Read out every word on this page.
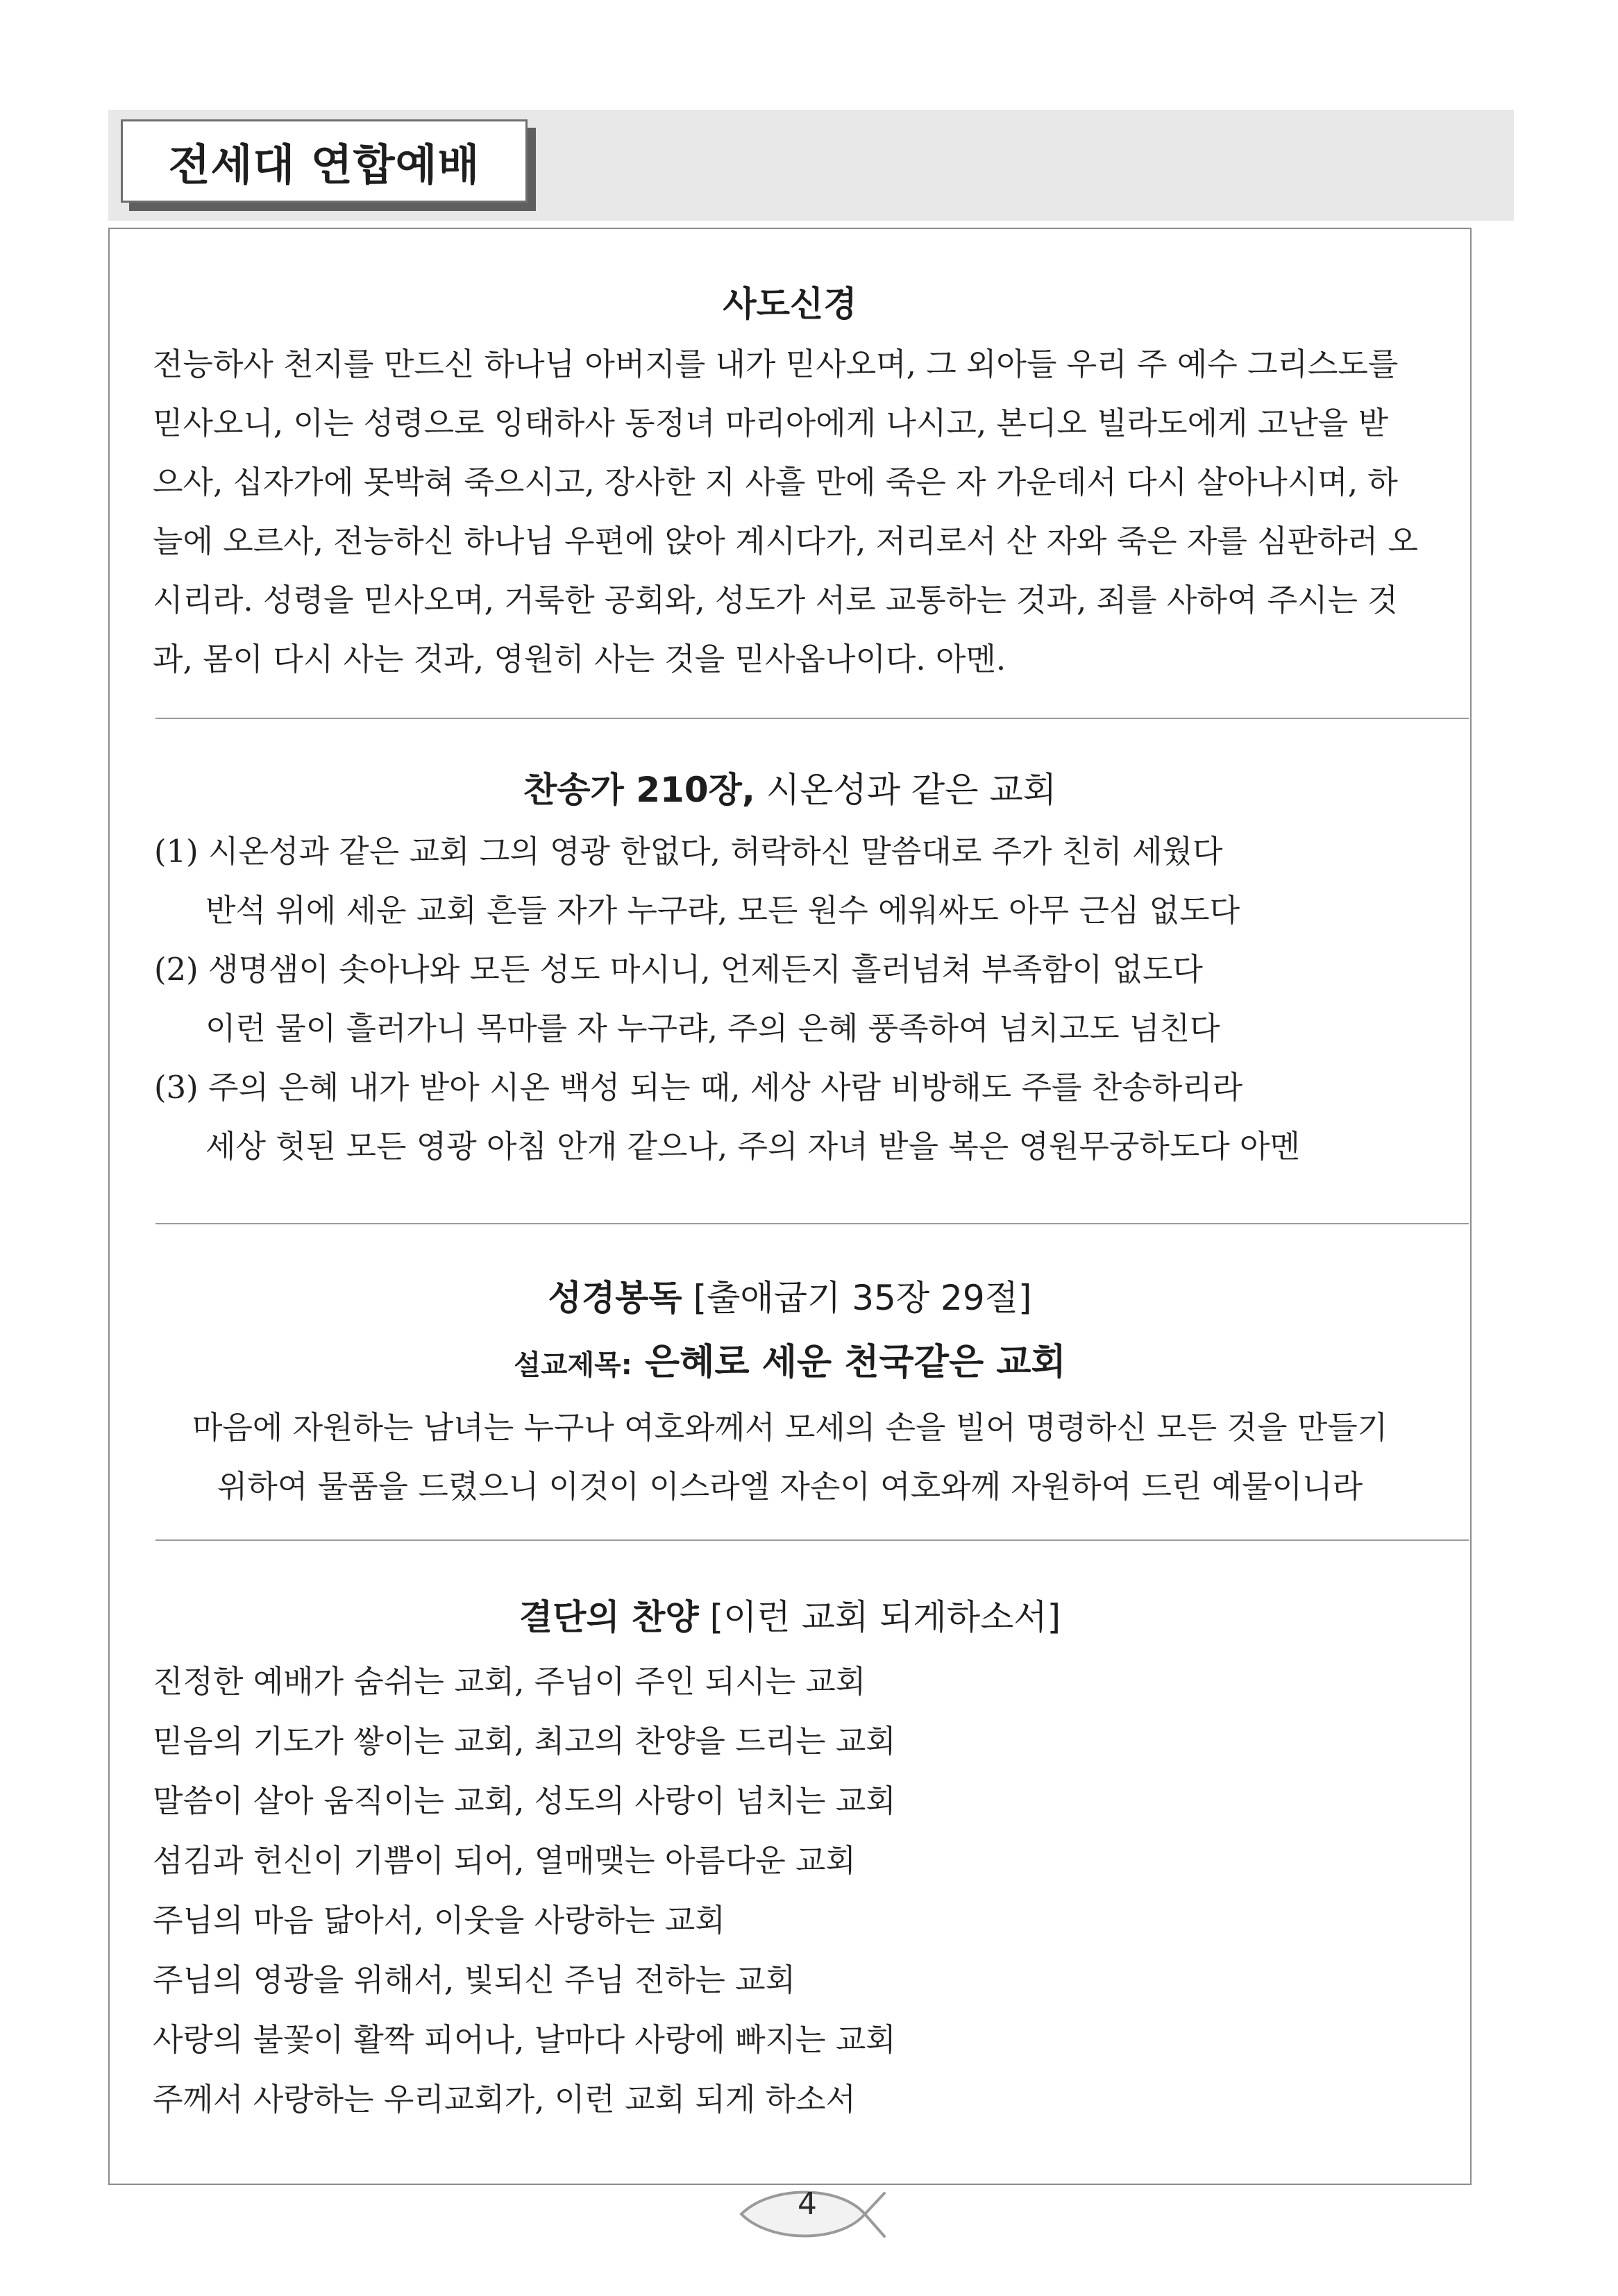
전세대 연합예배
사도신경
전능하사 천지를 만드신 하나님 아버지를 내가 믿사오며, 그 외아들 우리 주 예수 그리스도를
믿사오니, 이는 성령으로 잉태하사 동정녀 마리아에게 나시고, 본디오 빌라도에게 고난을 받
으사, 십자가에 못박혀 죽으시고, 장사한 지 사흘 만에 죽은 자 가운데서 다시 살아나시며, 하
늘에 오르사, 전능하신 하나님 우편에 앉아 계시다가, 저리로서 산 자와 죽은 자를 심판하러 오
시리라. 성령을 믿사오며, 거룩한 공회와, 성도가 서로 교통하는 것과, 죄를 사하여 주시는 것
과, 몸이 다시 사는 것과, 영원히 사는 것을 믿사옵나이다. 아멘.
찬송가 210장, 시온성과 같은 교회
(1) 시온성과 같은 교회 그의 영광 한없다, 허락하신 말씀대로 주가 친히 세웠다
반석 위에 세운 교회 흔들 자가 누구랴, 모든 원수 에워싸도 아무 근심 없도다
(2) 생명샘이 솟아나와 모든 성도 마시니, 언제든지 흘러넘쳐 부족함이 없도다
이런 물이 흘러가니 목마를 자 누구랴, 주의 은혜 풍족하여 넘치고도 넘친다
(3) 주의 은혜 내가 받아 시온 백성 되는 때, 세상 사람 비방해도 주를 찬송하리라
세상 헛된 모든 영광 아침 안개 같으나, 주의 자녀 받을 복은 영원무궁하도다 아멘
성경봉독 [출애굽기 35장 29절]
설교제목: 은혜로 세운 천국같은 교회
마음에 자원하는 남녀는 누구나 여호와께서 모세의 손을 빌어 명령하신 모든 것을 만들기
위하여 물품을 드렸으니 이것이 이스라엘 자손이 여호와께 자원하여 드린 예물이니라
결단의 찬양 [이런 교회 되게하소서]
진정한 예배가 숨쉬는 교회, 주님이 주인 되시는 교회
믿음의 기도가 쌓이는 교회, 최고의 찬양을 드리는 교회
말씀이 살아 움직이는 교회, 성도의 사랑이 넘치는 교회
섬김과 헌신이 기쁨이 되어, 열매맺는 아름다운 교회
주님의 마음 닮아서, 이웃을 사랑하는 교회
주님의 영광을 위해서, 빛되신 주님 전하는 교회
사랑의 불꽃이 활짝 피어나, 날마다 사랑에 빠지는 교회
주께서 사랑하는 우리교회가, 이런 교회 되게 하소서
4
